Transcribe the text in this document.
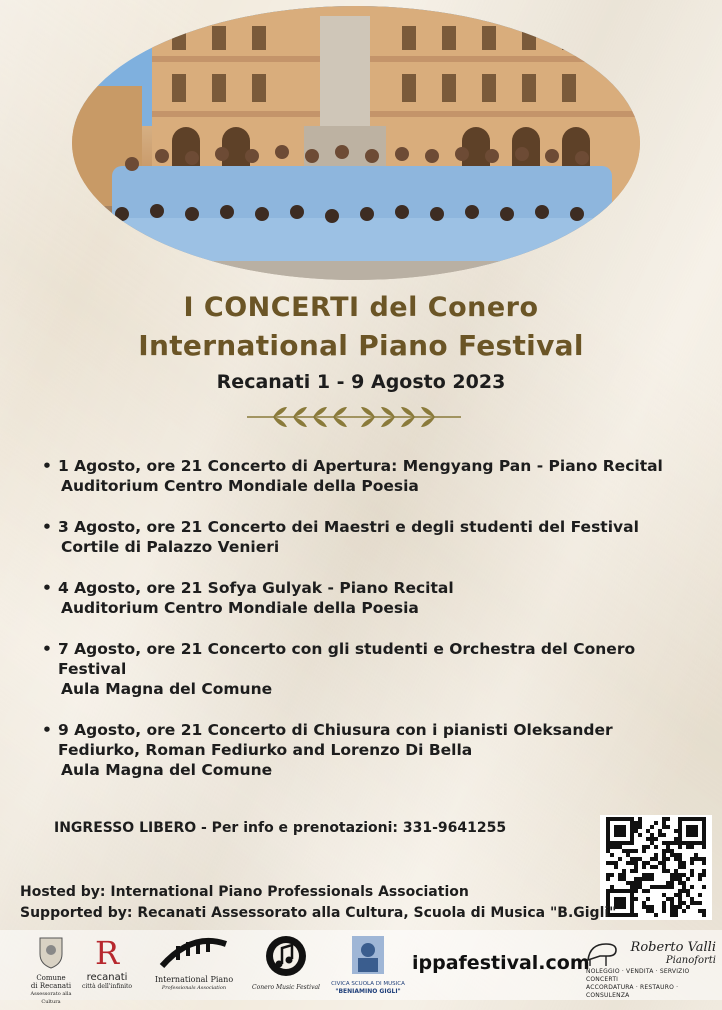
I CONCERTI del Conero
International Piano Festival
Recanati 1 - 9 Agosto 2023
• 1 Agosto, ore 21 Concerto di Apertura: Mengyang Pan - Piano Recital
Auditorium Centro Mondiale della Poesia
• 3 Agosto, ore 21 Concerto dei Maestri e degli studenti del Festival
Cortile di Palazzo Venieri
• 4 Agosto, ore 21 Sofya Gulyak - Piano Recital
Auditorium Centro Mondiale della Poesia
• 7 Agosto, ore 21 Concerto con gli studenti e Orchestra del Conero
Festival
Aula Magna del Comune
• 9 Agosto, ore 21 Concerto di Chiusura con i pianisti Oleksander
Fediurko, Roman Fediurko and Lorenzo Di Bella
Aula Magna del Comune
INGRESSO LIBERO - Per info e prenotazioni: 331-9641255
Hosted by: International Piano Professionals Association
Supported by: Recanati Assessorato alla Cultura, Scuola di Musica "B.Gigli"
Comune
di Recanati
Assessorato alla Cultura
R
recanati
città dell'infinito
International Piano
Professionals Association	Conero Music Festival	CIVICA SCUOLA DI MUSICA
"BENIAMINO GIGLI"
ippafestival.com
Roberto Valli
Pianoforti
NOLEGGIO · VENDITA · SERVIZIO CONCERTI
ACCORDATURA · RESTAURO · CONSULENZA
